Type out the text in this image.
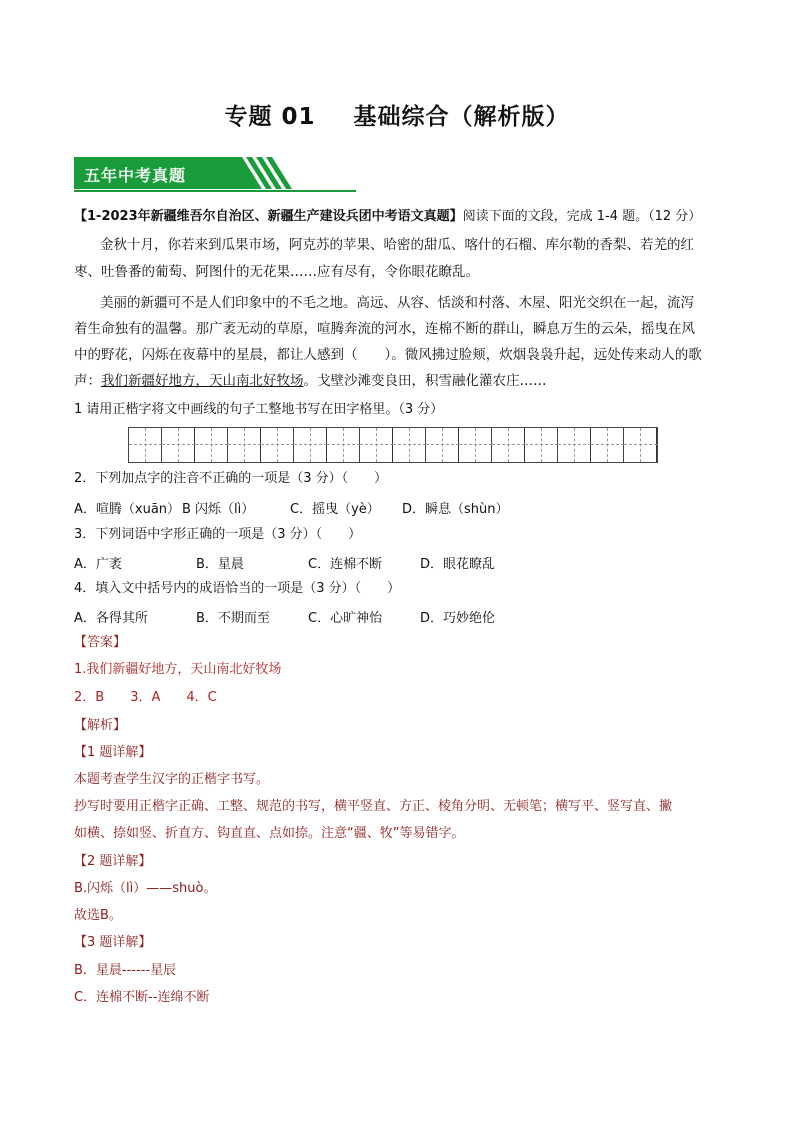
专题 01 基础综合（解析版）
五年中考真题
【1-2023年新疆维吾尔自治区、新疆生产建设兵团中考语文真题】阅读下面的文段，完成 1-4 题。（12 分）
金秋十月，你若来到瓜果市场，阿克苏的苹果、哈密的甜瓜、喀什的石榴、库尔勒的香梨、若羌的红
枣、吐鲁番的葡萄、阿图什的无花果……应有尽有，令你眼花瞭乱。
美丽的新疆可不是人们印象中的不毛之地。高远、从容、恬淡和村落、木屋、阳光交织在一起，流泻
着生命独有的温馨。那广袤无动的草原，喧腾奔流的河水，连棉不断的群山，瞬息万生的云朵，摇曳在风
中的野花，闪烁在夜幕中的星晨，都让人感到（　　）。微风拂过脸颊，炊烟袅袅升起，远处传来动人的歌
声：我们新疆好地方，天山南北好牧场。戈壁沙滩变良田，积雪融化灌农庄……
1 请用正楷字将文中画线的句子工整地书写在田字格里。（3 分）
2．下列加点字的注音不正确的一项是（3 分）（　　）
A．喧腾（xuān） B 闪烁（lì）	C．摇曳（yè） D．瞬息（shùn）
3．下列词语中字形正确的一项是（3 分）（　　）
A．广袤	B．星晨	C．连棉不断	D．眼花瞭乱
4．填入文中括号内的成语恰当的一项是（3 分）（　　）
A．各得其所	B．不期而至	C．心旷神怡	D．巧妙绝伦
【答案】
1.我们新疆好地方，天山南北好牧场
2．B　　3．A　　4．C
【解析】
【1 题详解】
本题考查学生汉字的正楷字书写。
抄写时要用正楷字正确、工整、规范的书写，横平竖直、方正、棱角分明、无顿笔；横写平、竖写直、撇
如横、捺如竖、折直方、钩直直、点如捺。注意“疆、牧”等易错字。
【2 题详解】
B.闪烁（lì）——shuò。
故选B。
【3 题详解】
B．星晨------星辰
C．连棉不断--连绵不断
